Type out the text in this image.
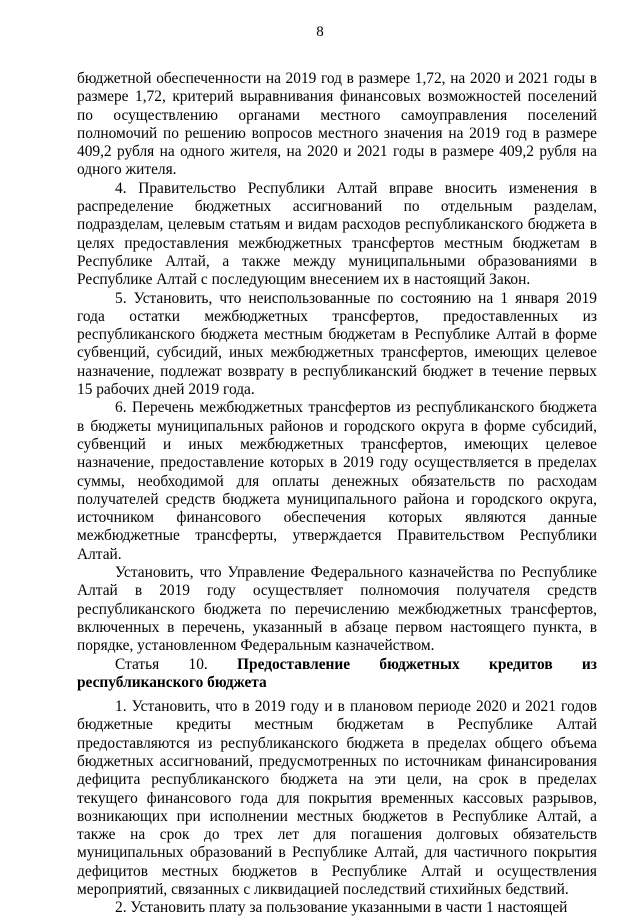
8

бюджетной обеспеченности на 2019 год в размере 1,72, на 2020 и 2021 годы в размере 1,72, критерий выравнивания финансовых возможностей поселений по осуществлению органами местного самоуправления поселений полномочий по решению вопросов местного значения на 2019 год в размере 409,2 рубля на одного жителя, на 2020 и 2021 годы в размере 409,2 рубля на одного жителя.

4. Правительство Республики Алтай вправе вносить изменения в распределение бюджетных ассигнований по отдельным разделам, подразделам, целевым статьям и видам расходов республиканского бюджета в целях предоставления межбюджетных трансфертов местным бюджетам в Республике Алтай, а также между муниципальными образованиями в Республике Алтай с последующим внесением их в настоящий Закон.

5. Установить, что неиспользованные по состоянию на 1 января 2019 года остатки межбюджетных трансфертов, предоставленных из республиканского бюджета местным бюджетам в Республике Алтай в форме субвенций, субсидий, иных межбюджетных трансфертов, имеющих целевое назначение, подлежат возврату в республиканский бюджет в течение первых 15 рабочих дней 2019 года.

6. Перечень межбюджетных трансфертов из республиканского бюджета в бюджеты муниципальных районов и городского округа в форме субсидий, субвенций и иных межбюджетных трансфертов, имеющих целевое назначение, предоставление которых в 2019 году осуществляется в пределах суммы, необходимой для оплаты денежных обязательств по расходам получателей средств бюджета муниципального района и городского округа, источником финансового обеспечения которых являются данные межбюджетные трансферты, утверждается Правительством Республики Алтай.

Установить, что Управление Федерального казначейства по Республике Алтай в 2019 году осуществляет полномочия получателя средств республиканского бюджета по перечислению межбюджетных трансфертов, включенных в перечень, указанный в абзаце первом настоящего пункта, в порядке, установленном Федеральным казначейством.

Статья 10. Предоставление бюджетных кредитов из республиканского бюджета

1. Установить, что в 2019 году и в плановом периоде 2020 и 2021 годов бюджетные кредиты местным бюджетам в Республике Алтай предоставляются из республиканского бюджета в пределах общего объема бюджетных ассигнований, предусмотренных по источникам финансирования дефицита республиканского бюджета на эти цели, на срок в пределах текущего финансового года для покрытия временных кассовых разрывов, возникающих при исполнении местных бюджетов в Республике Алтай, а также на срок до трех лет для погашения долговых обязательств муниципальных образований в Республике Алтай, для частичного покрытия дефицитов местных бюджетов в Республике Алтай и осуществления мероприятий, связанных с ликвидацией последствий стихийных бедствий.

2. Установить плату за пользование указанными в части 1 настоящей
